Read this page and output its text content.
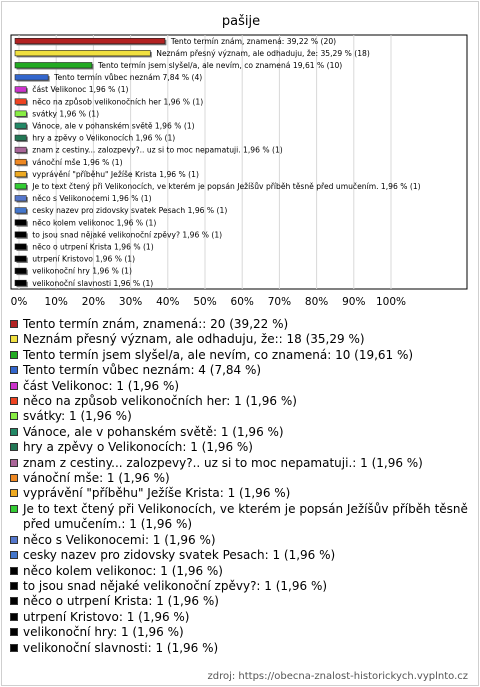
pašije
0% 10% 20% 30% 40% 50% 60% 70% 80% 90% 100%
Tento termín znám, znamená: 39,22 % (20)
Neznám přesný význam, ale odhaduju, že: 35,29 % (18)
Tento termín jsem slyšel/a, ale nevím, co znamená 19,61 % (10)
Tento termín vůbec neznám 7,84 % (4)
část Velikonoc 1,96 % (1)
něco na způsob velikonočních her 1,96 % (1)
svátky 1,96 % (1)
Vánoce, ale v pohanském světě 1,96 % (1)
hry a zpěvy o Velikonocích 1,96 % (1)
znam z cestiny... zalozpevy?.. uz si to moc nepamatuji. 1,96 % (1)
vánoční mše 1,96 % (1)
vyprávění "příběhu" Ježíše Krista 1,96 % (1)
Je to text čtený při Velikonocích, ve kterém je popsán Ježíšův příběh těsně před umučením. 1,96 % (1)
něco s Velikonocemi 1,96 % (1)
cesky nazev pro zidovsky svatek Pesach 1,96 % (1)
něco kolem velikonoc 1,96 % (1)
to jsou snad nějaké velikonoční zpěvy? 1,96 % (1)
něco o utrpení Krista 1,96 % (1)
utrpení Kristovo 1,96 % (1)
velikonoční hry 1,96 % (1)
velikonoční slavnosti 1,96 % (1)
Tento termín znám, znamená:: 20 (39,22 %)
Neznám přesný význam, ale odhaduju, že:: 18 (35,29 %)
Tento termín jsem slyšel/a, ale nevím, co znamená: 10 (19,61 %)
Tento termín vůbec neznám: 4 (7,84 %)
část Velikonoc: 1 (1,96 %)
něco na způsob velikonočních her: 1 (1,96 %)
svátky: 1 (1,96 %)
Vánoce, ale v pohanském světě: 1 (1,96 %)
hry a zpěvy o Velikonocích: 1 (1,96 %)
znam z cestiny... zalozpevy?.. uz si to moc nepamatuji.: 1 (1,96 %)
vánoční mše: 1 (1,96 %)
vyprávění "příběhu" Ježíše Krista: 1 (1,96 %)
Je to text čtený při Velikonocích, ve kterém je popsán Ježíšův příběh těsně před umučením.: 1 (1,96 %)
něco s Velikonocemi: 1 (1,96 %)
cesky nazev pro zidovsky svatek Pesach: 1 (1,96 %)
něco kolem velikonoc: 1 (1,96 %)
to jsou snad nějaké velikonoční zpěvy?: 1 (1,96 %)
něco o utrpení Krista: 1 (1,96 %)
utrpení Kristovo: 1 (1,96 %)
velikonoční hry: 1 (1,96 %)
velikonoční slavnosti: 1 (1,96 %)
zdroj: https://obecna-znalost-historickych.vyplnto.cz
